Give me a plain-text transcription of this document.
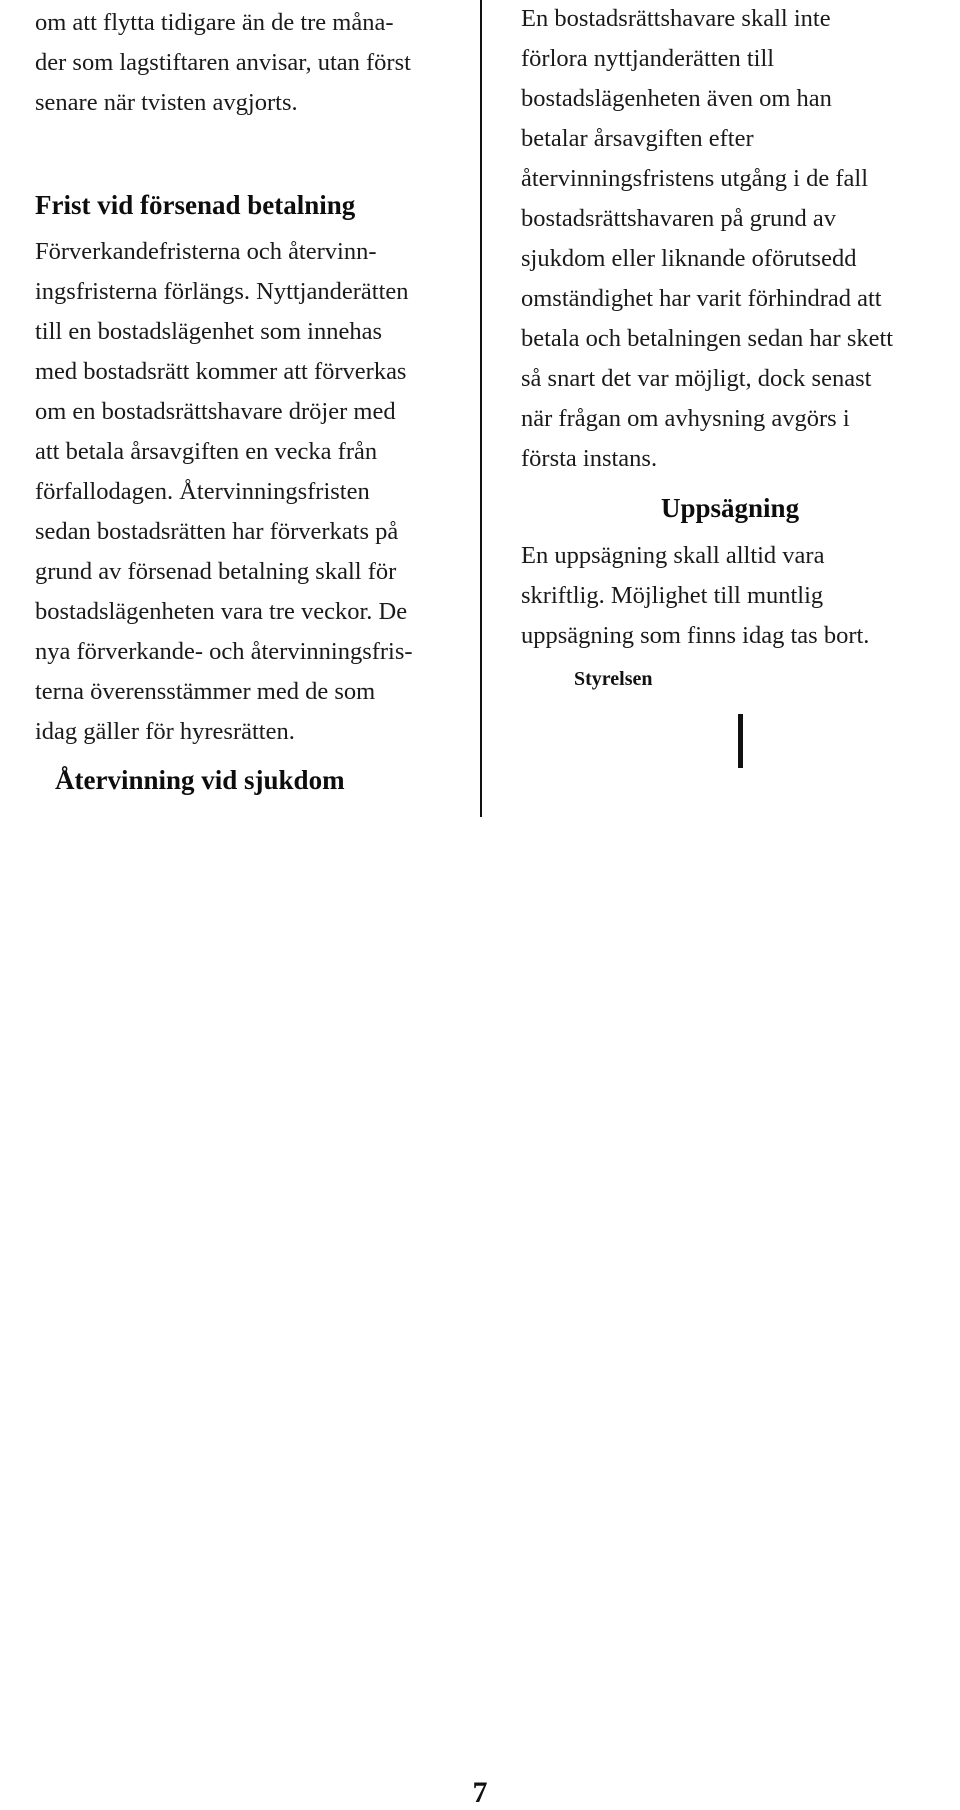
om att flytta tidigare än de tre måna-
der som lagstiftaren anvisar, utan först
senare när tvisten avgjorts.
Frist vid försenad betalning
Förverkandefristerna och återvinn-
ingsfristerna förlängs. Nyttjanderätten
till en bostadslägenhet som innehas
med bostadsrätt kommer att förverkas
om en bostadsrättshavare dröjer med
att betala årsavgiften en vecka från
förfallodagen. Återvinningsfristen
sedan bostadsrätten har förverkats på
grund av försenad betalning skall för
bostadslägenheten vara tre veckor. De
nya förverkande- och återvinningsfris-
terna överensstämmer med de som
idag gäller för hyresrätten.
Återvinning vid sjukdom
En bostadsrättshavare skall inte
förlora nyttjanderätten till
bostadslägenheten även om han
betalar årsavgiften efter
återvinningsfristens utgång i de fall
bostadsrättshavaren på grund av
sjukdom eller liknande oförutsedd
omständighet har varit förhindrad att
betala och betalningen sedan har skett
så snart det var möjligt, dock senast
när frågan om avhysning avgörs i
första instans.
Uppsägning
En uppsägning skall alltid vara
skriftlig. Möjlighet till muntlig
uppsägning som finns idag tas bort.
Styrelsen
7
